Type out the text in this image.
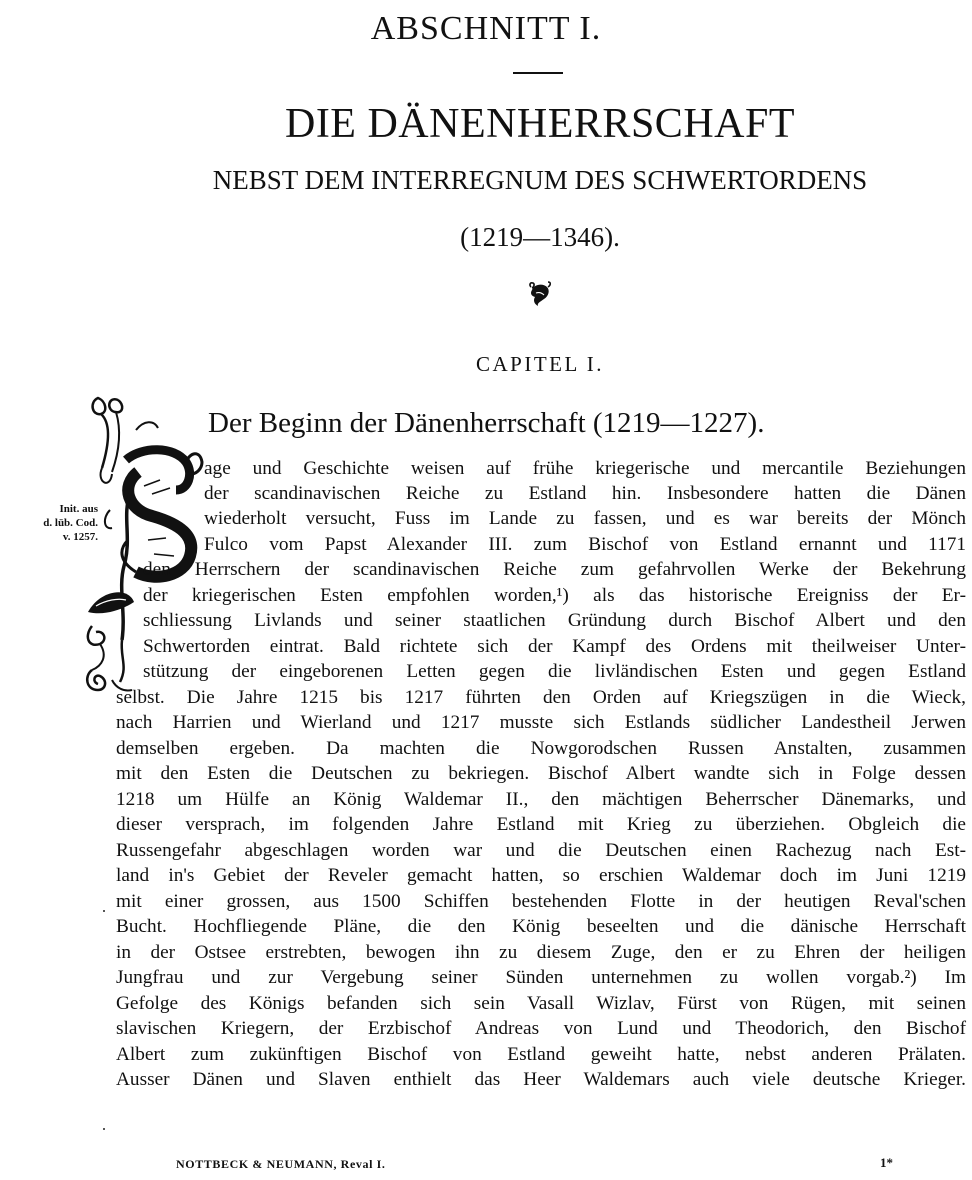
ABSCHNITT I.
DIE DÄNENHERRSCHAFT
NEBST DEM INTERREGNUM DES SCHWERTORDENS
(1219—1346).
CAPITEL I.
Der Beginn der Dänenherrschaft (1219—1227).
Init. aus
d. lüb. Cod.
v. 1257.
age und Geschichte weisen auf frühe kriegerische und mercantile Beziehungen
der scandinavischen Reiche zu Estland hin. Insbesondere hatten die Dänen
wiederholt versucht, Fuss im Lande zu fassen, und es war bereits der Mönch
Fulco vom Papst Alexander III. zum Bischof von Estland ernannt und 1171
den Herrschern der scandinavischen Reiche zum gefahrvollen Werke der Bekehrung
der kriegerischen Esten empfohlen worden,¹) als das historische Ereigniss der Er-
schliessung Livlands und seiner staatlichen Gründung durch Bischof Albert und den
Schwertorden eintrat. Bald richtete sich der Kampf des Ordens mit theilweiser Unter-
stützung der eingeborenen Letten gegen die livländischen Esten und gegen Estland
selbst. Die Jahre 1215 bis 1217 führten den Orden auf Kriegszügen in die Wieck,
nach Harrien und Wierland und 1217 musste sich Estlands südlicher Landestheil Jerwen
demselben ergeben. Da machten die Nowgorodschen Russen Anstalten, zusammen
mit den Esten die Deutschen zu bekriegen. Bischof Albert wandte sich in Folge dessen
1218 um Hülfe an König Waldemar II., den mächtigen Beherrscher Dänemarks, und
dieser versprach, im folgenden Jahre Estland mit Krieg zu überziehen. Obgleich die
Russengefahr abgeschlagen worden war und die Deutschen einen Rachezug nach Est-
land in's Gebiet der Reveler gemacht hatten, so erschien Waldemar doch im Juni 1219
mit einer grossen, aus 1500 Schiffen bestehenden Flotte in der heutigen Reval'schen
Bucht. Hochfliegende Pläne, die den König beseelten und die dänische Herrschaft
in der Ostsee erstrebten, bewogen ihn zu diesem Zuge, den er zu Ehren der heiligen
Jungfrau und zur Vergebung seiner Sünden unternehmen zu wollen vorgab.²) Im
Gefolge des Königs befanden sich sein Vasall Wizlav, Fürst von Rügen, mit seinen
slavischen Kriegern, der Erzbischof Andreas von Lund und Theodorich, den Bischof
Albert zum zukünftigen Bischof von Estland geweiht hatte, nebst anderen Prälaten.
Ausser Dänen und Slaven enthielt das Heer Waldemars auch viele deutsche Krieger.
NOTTBECK & NEUMANN, Reval I.	1*
